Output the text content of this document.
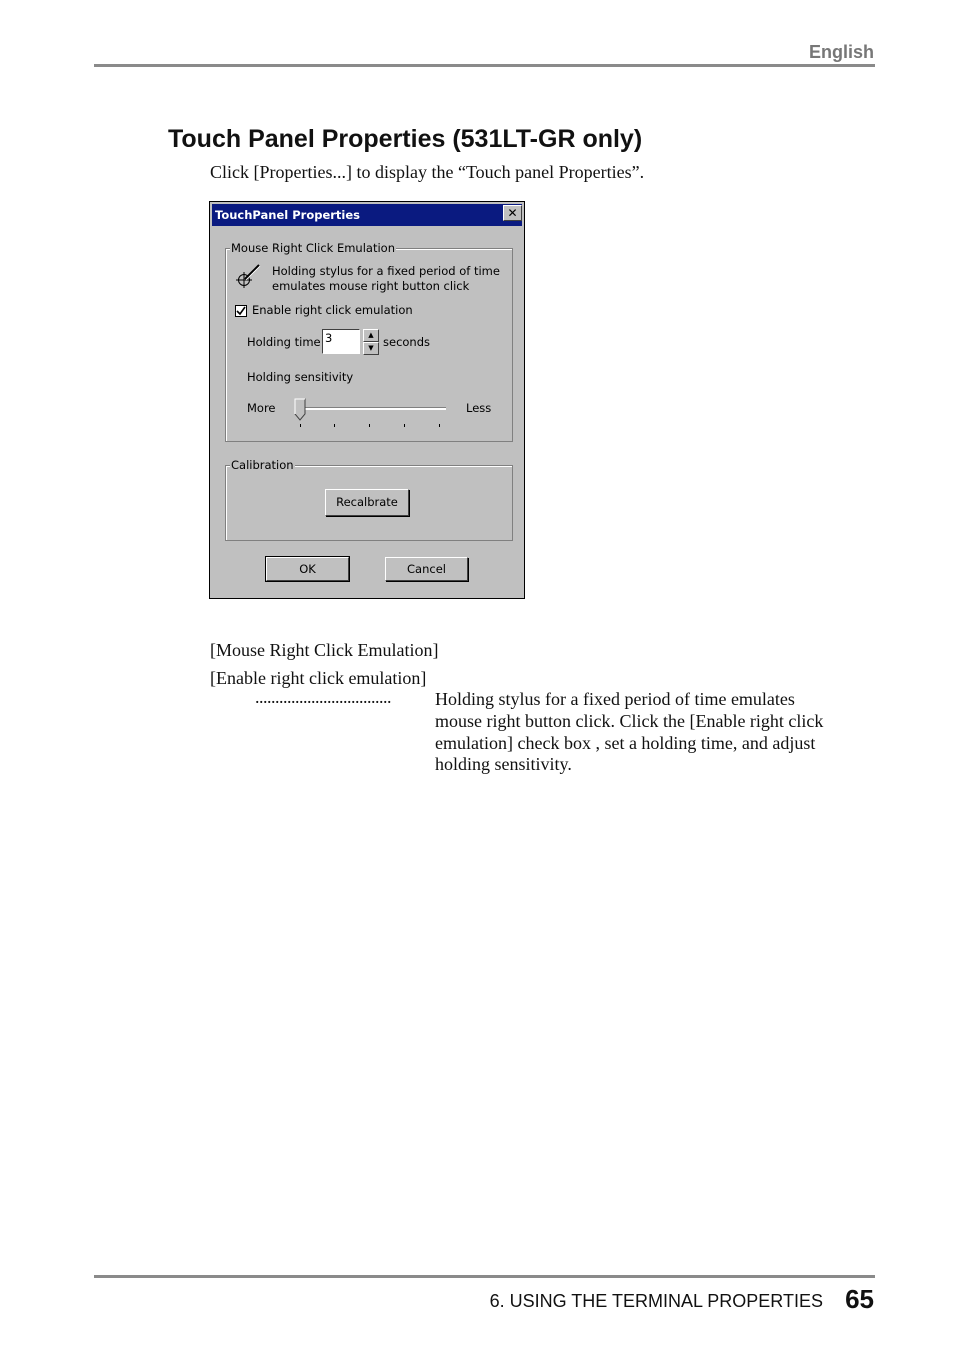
English
Touch Panel Properties (531LT-GR only)
Click [Properties...] to display the “Touch panel Properties”.
TouchPanel Properties	✕
Mouse Right Click Emulation
Holding stylus for a fixed period of time
emulates mouse right button click
Enable right click emulation
Holding time 3	▲
▼ seconds
Holding sensitivity
More	Less
Calibration
Recalbrate
OK	Cancel
[Mouse Right Click Emulation]
[Enable right click emulation]
.................................. Holding stylus for a fixed period of time emulates
mouse right button click. Click the [Enable right click
emulation] check box , set a holding time, and adjust
holding sensitivity.
6. USING THE TERMINAL PROPERTIES 65
